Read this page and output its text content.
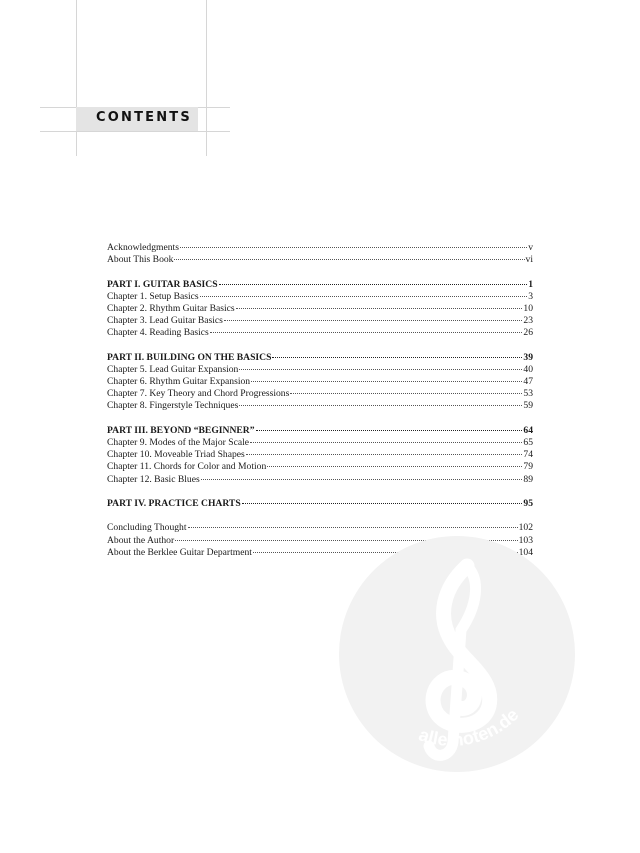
CONTENTS
Acknowledgments	v
About This Book	vi
PART I. GUITAR BASICS	1
Chapter 1. Setup Basics	3
Chapter 2. Rhythm Guitar Basics	10
Chapter 3. Lead Guitar Basics	23
Chapter 4. Reading Basics	26
PART II. BUILDING ON THE BASICS	39
Chapter 5. Lead Guitar Expansion	40
Chapter 6. Rhythm Guitar Expansion	47
Chapter 7. Key Theory and Chord Progressions	53
Chapter 8. Fingerstyle Techniques	59
PART III. BEYOND “BEGINNER”	64
Chapter 9. Modes of the Major Scale	65
Chapter 10. Moveable Triad Shapes	74
Chapter 11. Chords for Color and Motion	79
Chapter 12. Basic Blues	89
PART IV. PRACTICE CHARTS	95
Concluding Thought	102
About the Author	103
About the Berklee Guitar Department	104
alle-noten.de
